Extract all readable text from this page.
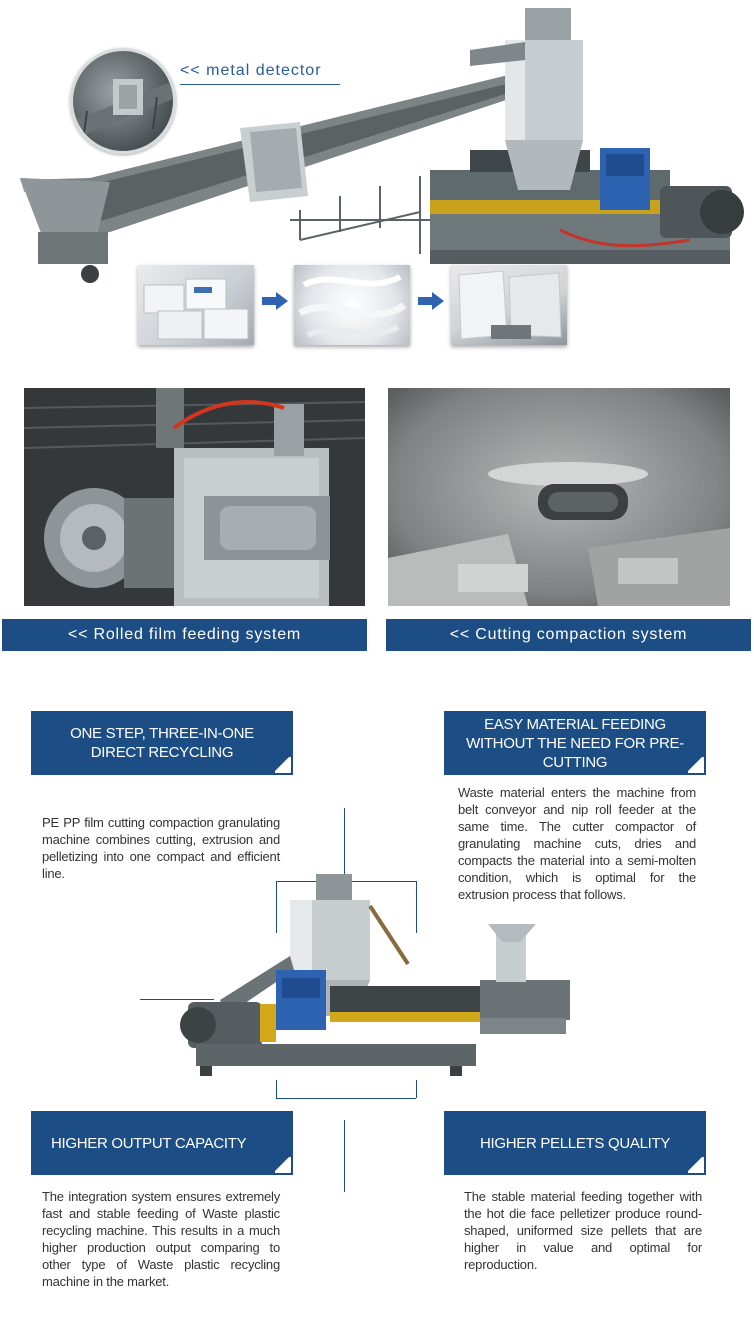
<< metal detector
<< Rolled film feeding system	<< Cutting compaction system
ONE STEP, THREE-IN-ONE DIRECT RECYCLING
EASY MATERIAL FEEDING WITHOUT THE NEED FOR PRE-CUTTING
HIGHER OUTPUT CAPACITY	HIGHER PELLETS QUALITY
PE PP film cutting compaction granulating machine combines cutting, extrusion and pelletizing into one compact and efficient line.
Waste material enters the machine from belt conveyor and nip roll feeder at the same time. The cutter compactor of granulating machine cuts, dries and compacts the material into a semi-molten condition, which is optimal for the extrusion process that follows.
The integration system ensures extremely fast and stable feeding of Waste plastic recycling machine. This results in a much higher production output comparing to other type of Waste plastic recycling machine in the market.
The stable material feeding together with the hot die face pelletizer produce round-shaped, uniformed size pellets that are higher in value and optimal for reproduction.
